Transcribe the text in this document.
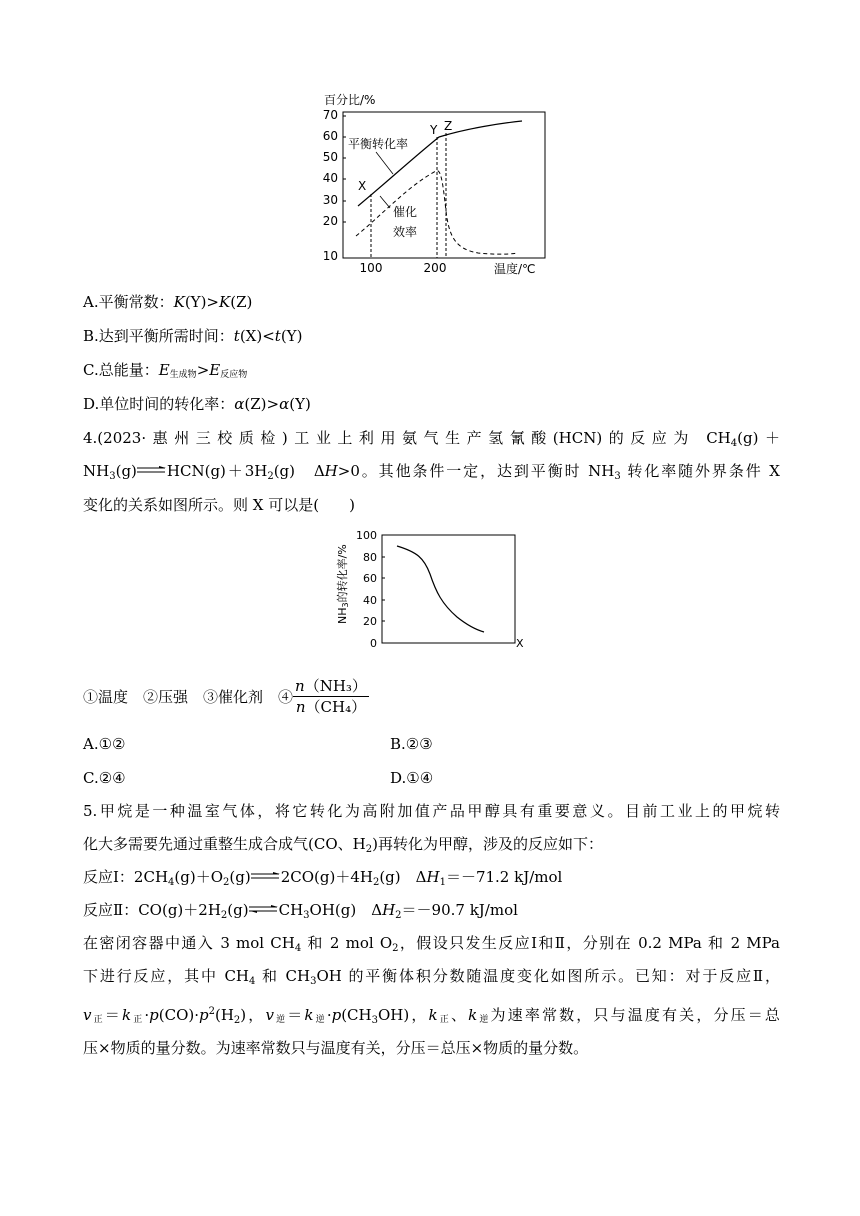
百分比/%
70
60
50
40
30
20
10
100	200	温度/℃
平衡转化率
催化
效率
X
Y Z
A.平衡常数：K(Y)>K(Z)
B.达到平衡所需时间：t(X)<t(Y)
C.总能量：E生成物>E反应物
D.单位时间的转化率：α(Z)>α(Y)
4.(2023·惠州三校质检)工业上利用氨气生产氢氰酸(HCN)的反应为 $CH_4(g)+$
$NH_3(g)$ $HCN(g)+3H_2(g)$　ΔH>0。其他条件一定，达到平衡时 $NH_3$ 转化率随外界条件 X
变化的关系如图所示。则 X 可以是(　　)
NH3的转化率/%
100
80
60
40
20
0	X
①温度　②压强　③催化剂　④ $\frac{\text{n（NH₃）}}{\text{n（CH₄）}}$
A.①②	B.②③
C.②④	D.①④
5.甲烷是一种温室气体，将它转化为高附加值产品甲醇具有重要意义。目前工业上的甲烷转
化大多需要先通过重整生成合成气(CO、$H_2$)再转化为甲醇，涉及的反应如下：
反应Ⅰ：$2CH_4(g)+O_2(g)$ $2CO(g)+4H_2(g)$　$\Delta H_1=-71.2$ kJ/mol
反应Ⅱ：$CO(g)+2H_2(g)\rightleftharpoons CH_3OH(g)$　$\Delta H_2=-90.7$ kJ/mol
在密闭容器中通入 3 mol $CH_4$ 和 2 mol $O_2$，假设只发生反应Ⅰ和Ⅱ，分别在 0.2 MPa 和 2 MPa
下进行反应，其中 $CH_4$ 和 $CH_3OH$ 的平衡体积分数随温度变化如图所示。已知：对于反应Ⅱ，
v正＝k正$\cdot p(CO)\cdot p^2(H_2)$，v逆＝k逆$\cdot p(CH_3OH)$，k正、k逆为速率常数，只与温度有关，分压＝总
压×物质的量分数。为速率常数只与温度有关，分压＝总压×物质的量分数。
